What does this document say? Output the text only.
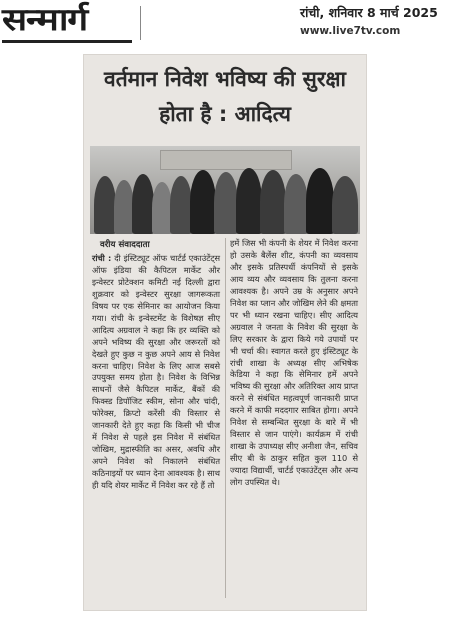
सन्मार्ग	रांची, शनिवार 8 मार्च 2025
www.live7tv.com
वर्तमान निवेश भविष्य की सुरक्षा होता है : आदित्य
वरीय संवाददाता
रांची : दी इंस्टिट्यूट ऑफ चार्टर्ड एकाउंटेंट्स ऑफ इंडिया की कैपिटल मार्केट और इन्वेस्टर प्रोटेक्शन कमिटी नई दिल्ली द्वारा शुक्रवार को इन्वेस्टर सुरक्षा जागरूकता विषय पर एक सेमिनार का आयोजन किया गया। रांची के इन्वेस्टमेंट के विशेषज्ञ सीए आदित्य अग्रवाल ने कहा कि हर व्यक्ति को अपने भविष्य की सुरक्षा और जरूरतों को देखते हुए कुछ न कुछ अपने आय से निवेश करना चाहिए। निवेश के लिए आज सबसे उपयुक्त समय होता है। निवेश के विभिन्न साधनों जैसे कैपिटल मार्केट, बैंकों की फिक्स्ड डिपॉजिट स्कीम, सोना और चांदी, फोरेक्स, क्रिप्टो करेंसी की विस्तार से जानकारी देते हुए कहा कि किसी भी चीज में निवेश से पहले इस निवेश में संबंधित जोखिम, मुद्रास्फीति का असर, अवधि और अपने निवेश को निकालने संबंधित कठिनाइयों पर ध्यान देना आवश्यक है। साथ ही यदि शेयर मार्केट में निवेश कर रहे हैं तो
हमें जिस भी कंपनी के शेयर में निवेश करना हो उसके बैलेंस शीट, कंपनी का व्यवसाय और इसके प्रतिस्पर्धी कंपनियों से इसके आय व्यय और व्यवसाय कि तुलना करना आवश्यक है। अपने उम्र के अनुसार अपने निवेश का प्लान और जोखिम लेने की क्षमता पर भी ध्यान रखना चाहिए। सीए आदित्य अग्रवाल ने जनता के निवेश की सुरक्षा के लिए सरकार के द्वारा किये गये उपायों पर भी चर्चा की। स्वागत करते हुए इंस्टिट्यूट के रांची शाखा के अध्यक्ष सीए अभिषेक केडिया ने कहा कि सेमिनार हमें अपने भविष्य की सुरक्षा और अतिरिक्त आय प्राप्त करने से संबंधित महत्वपूर्ण जानकारी प्राप्त करने में काफी मददगार साबित होगा। अपने निवेश से सम्बन्धित सुरक्षा के बारे में भी विस्तार से जान पाएंगे। कार्यक्रम में रांची शाखा के उपाध्यक्ष सीए अनीशा जैन, सचिव सीए बी के ठाकुर सहित कुल 110 से ज्यादा विद्यार्थी, चार्टर्ड एकाउंटेंट्स और अन्य लोग उपस्थित थे।
